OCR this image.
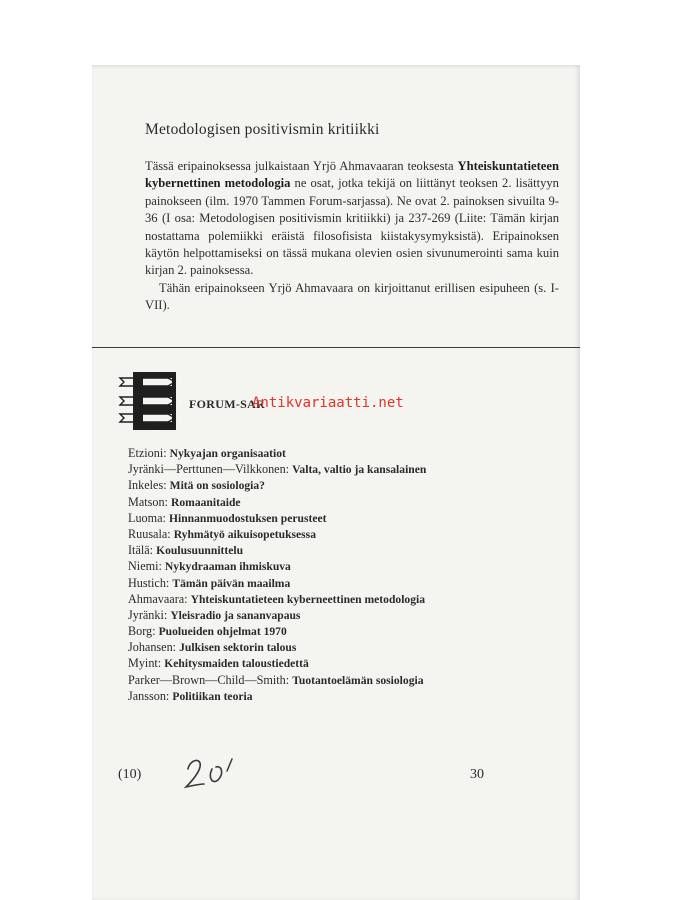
Metodologisen positivismin kritiikki

Tässä eripainoksessa julkaistaan Yrjö Ahmavaaran teoksesta Yhteiskuntatieteen kybernettinen metodologia ne osat, jotka tekijä on liittänyt teoksen 2. lisättyyn painokseen (ilm. 1970 Tammen Forum-sarjassa). Ne ovat 2. painoksen sivuilta 9-36 (I osa: Metodologisen positivismin kritiikki) ja 237-269 (Liite: Tämän kirjan nostattama polemiikki eräistä filosofisista kiistakysymyksistä). Eripainoksen käytön helpottamiseksi on tässä mukana olevien osien sivunumerointi sama kuin kirjan 2. painoksessa.

Tähän eripainokseen Yrjö Ahmavaara on kirjoittanut erillisen esipuheen (s. I-VII).

FORUM
FORUM-SAR
Antikvariaatti.net
Etzioni: Nykyajan organisaatiot
Jyränki—Perttunen—Vilkkonen: Valta, valtio ja kansalainen
Inkeles: Mitä on sosiologia?
Matson: Romaanitaide
Luoma: Hinnanmuodostuksen perusteet
Ruusala: Ryhmätyö aikuisopetuksessa
Itälä: Koulusuunnittelu
Niemi: Nykydraaman ihmiskuva
Hustich: Tämän päivän maailma
Ahmavaara: Yhteiskuntatieteen kyberneettinen metodologia
Jyränki: Yleisradio ja sananvapaus
Borg: Puolueiden ohjelmat 1970
Johansen: Julkisen sektorin talous
Myint: Kehitysmaiden taloustiedettä
Parker—Brown—Child—Smith: Tuotantoelämän sosiologia
Jansson: Politiikan teoria
(10)	30
